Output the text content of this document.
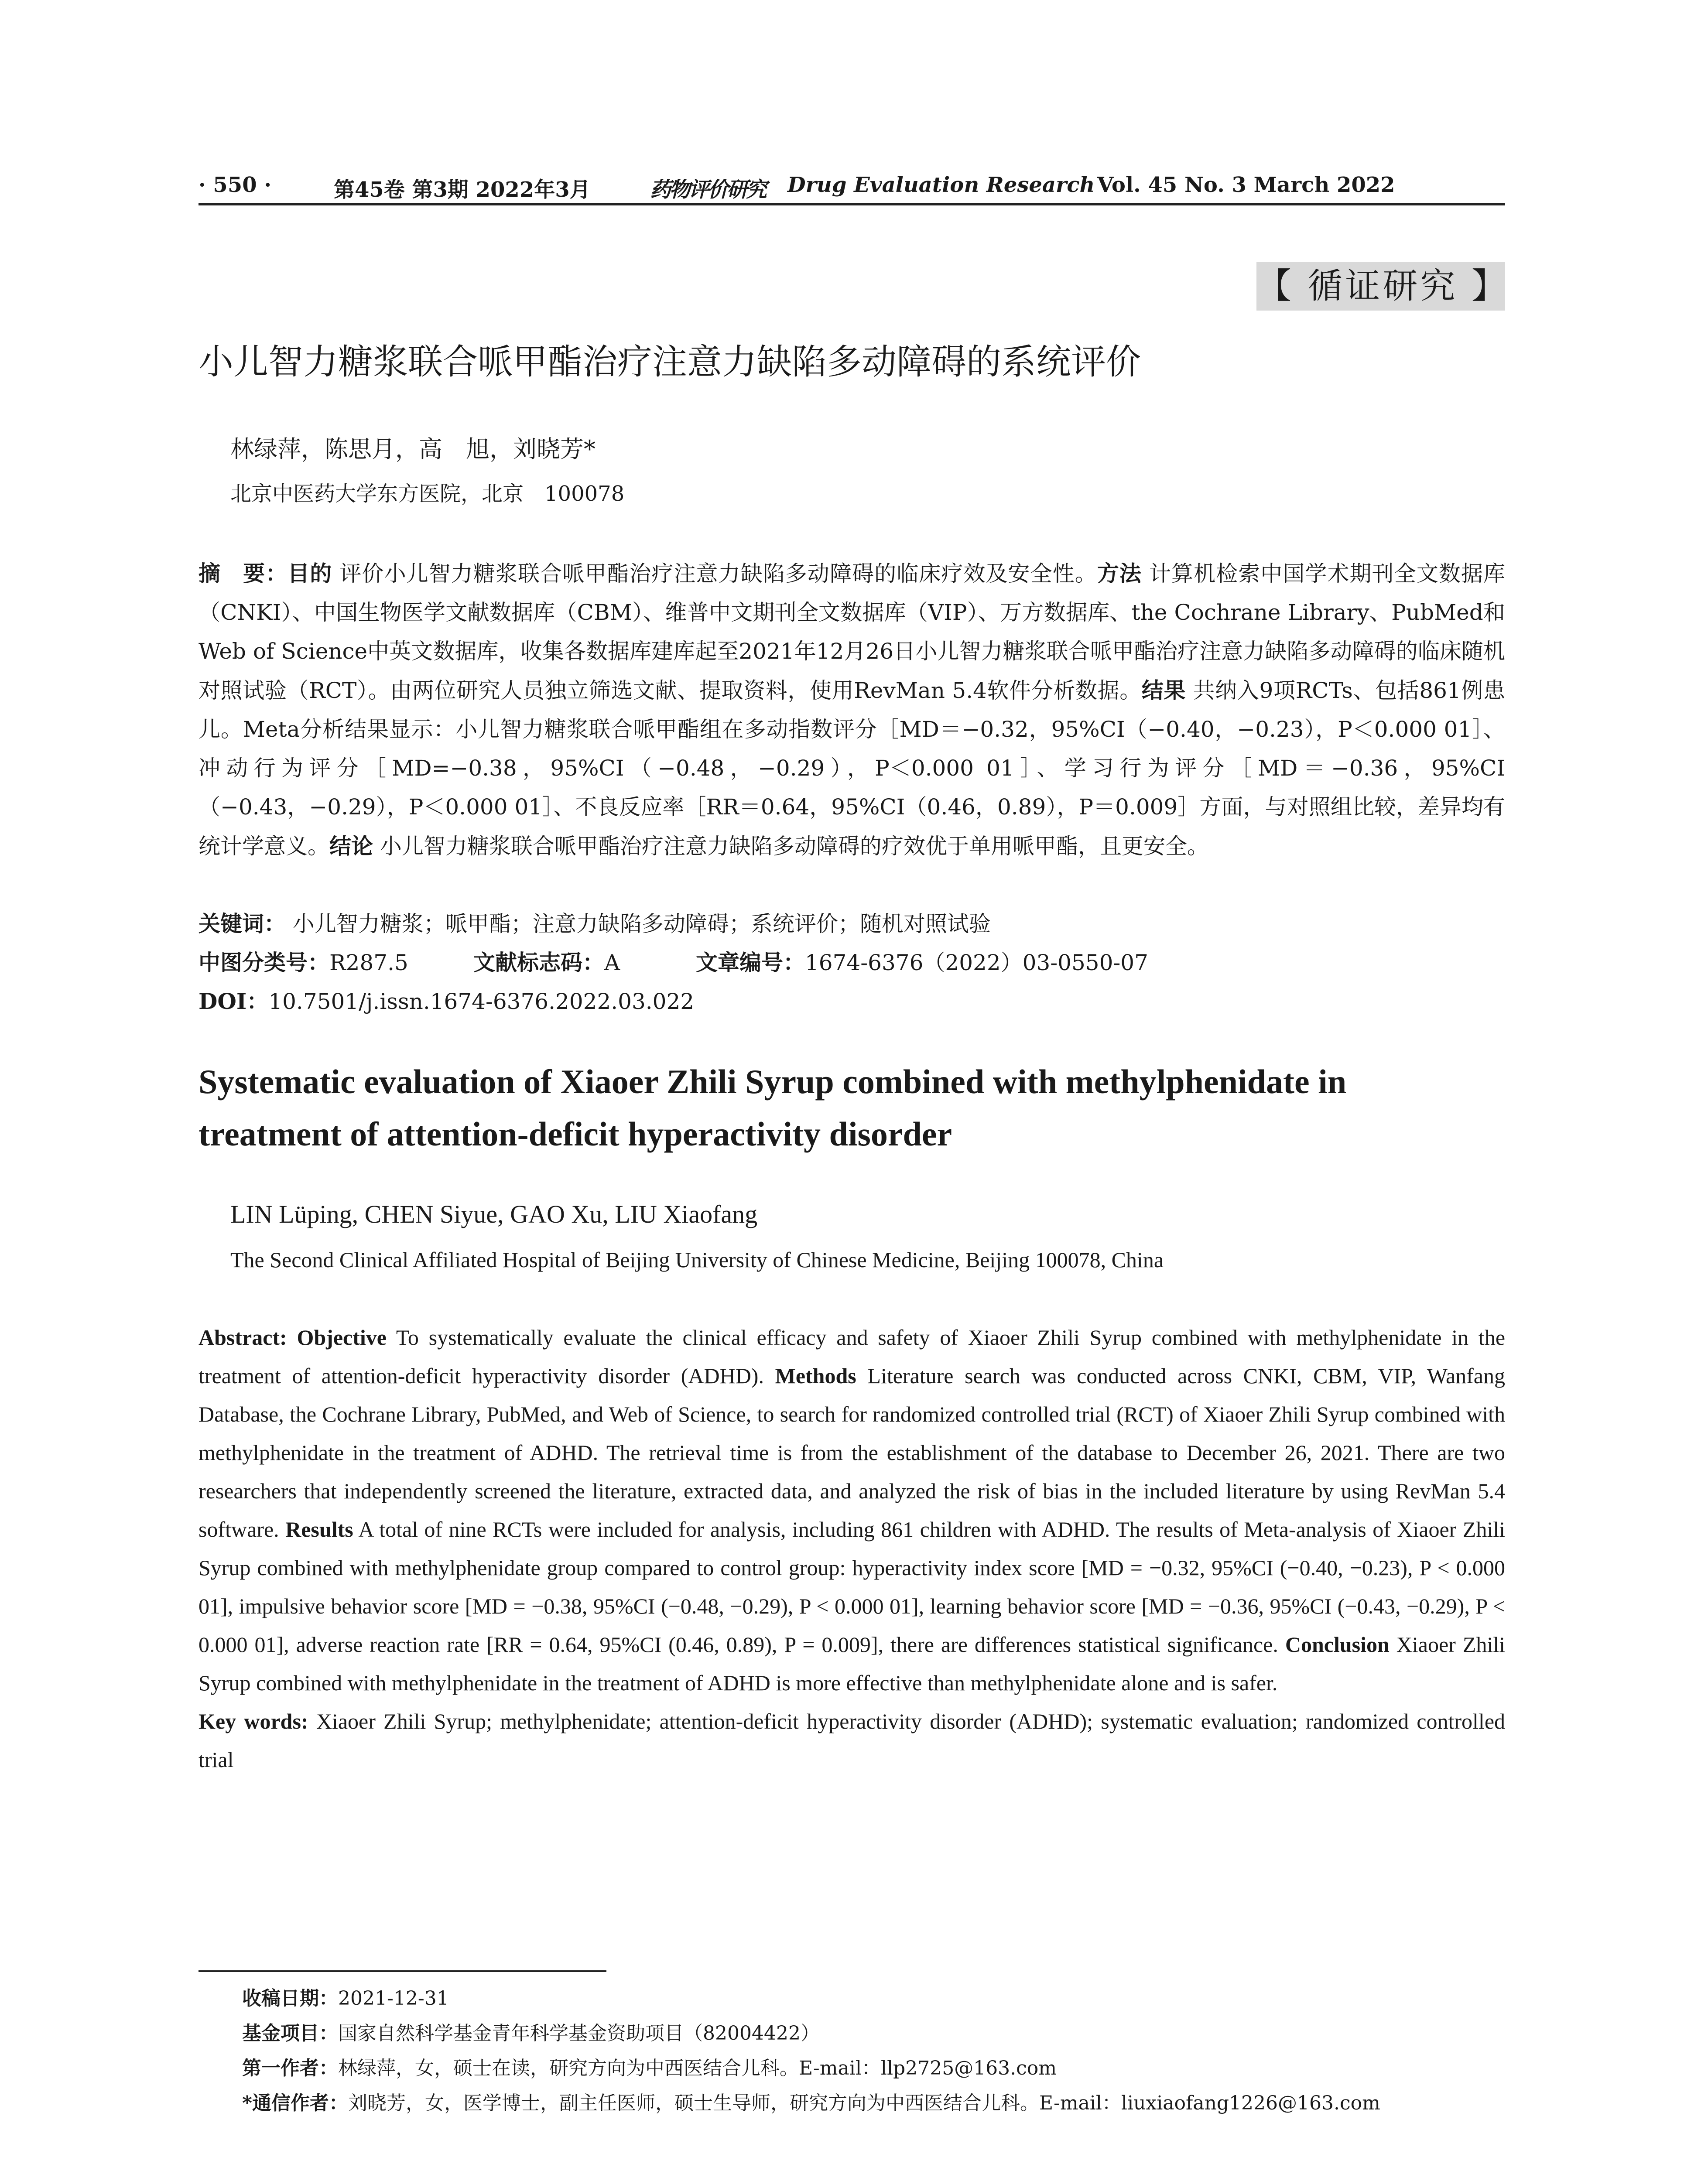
· 550 ·	第45卷 第3期 2022年3月	药物评价研究 Drug Evaluation Research Vol. 45 No. 3 March 2022
【 循证研究 】
小儿智力糖浆联合哌甲酯治疗注意力缺陷多动障碍的系统评价
林绿萍，陈思月，高　旭，刘晓芳*
北京中医药大学东方医院，北京　100078

摘　要：目的 评价小儿智力糖浆联合哌甲酯治疗注意力缺陷多动障碍的临床疗效及安全性。方法 计算机检索中国学术期刊全文数据库（CNKI）、中国生物医学文献数据库（CBM）、维普中文期刊全文数据库（VIP）、万方数据库、the Cochrane Library、PubMed和Web of Science中英文数据库，收集各数据库建库起至2021年12月26日小儿智力糖浆联合哌甲酯治疗注意力缺陷多动障碍的临床随机对照试验（RCT）。由两位研究人员独立筛选文献、提取资料，使用RevMan 5.4软件分析数据。结果 共纳入9项RCTs、包括861例患儿。Meta分析结果显示：小儿智力糖浆联合哌甲酯组在多动指数评分［MD＝−0.32，95%CI（−0.40，−0.23），P＜0.000 01］、冲动行为评分［MD=−0.38，95%CI（−0.48，−0.29），P＜0.000 01］、学习行为评分［MD＝−0.36，95%CI（−0.43，−0.29），P＜0.000 01］、不良反应率［RR＝0.64，95%CI（0.46，0.89），P＝0.009］方面，与对照组比较，差异均有统计学意义。结论 小儿智力糖浆联合哌甲酯治疗注意力缺陷多动障碍的疗效优于单用哌甲酯，且更安全。

关键词： 小儿智力糖浆；哌甲酯；注意力缺陷多动障碍；系统评价；随机对照试验
中图分类号：R287.5	文献标志码：A	文章编号：1674-6376（2022）03-0550-07
DOI：10.7501/j.issn.1674-6376.2022.03.022
Systematic evaluation of Xiaoer Zhili Syrup combined with methylphenidate in
treatment of attention-deficit hyperactivity disorder
LIN Lüping, CHEN Siyue, GAO Xu, LIU Xiaofang
The Second Clinical Affiliated Hospital of Beijing University of Chinese Medicine, Beijing 100078, China

Abstract: Objective To systematically evaluate the clinical efficacy and safety of Xiaoer Zhili Syrup combined with methylphenidate in the treatment of attention-deficit hyperactivity disorder (ADHD). Methods Literature search was conducted across CNKI, CBM, VIP, Wanfang Database, the Cochrane Library, PubMed, and Web of Science, to search for randomized controlled trial (RCT) of Xiaoer Zhili Syrup combined with methylphenidate in the treatment of ADHD. The retrieval time is from the establishment of the database to December 26, 2021. There are two researchers that independently screened the literature, extracted data, and analyzed the risk of bias in the included literature by using RevMan 5.4 software. Results A total of nine RCTs were included for analysis, including 861 children with ADHD. The results of Meta-analysis of Xiaoer Zhili Syrup combined with methylphenidate group compared to control group: hyperactivity index score [MD = −0.32, 95%CI (−0.40, −0.23), P < 0.000 01], impulsive behavior score [MD = −0.38, 95%CI (−0.48, −0.29), P < 0.000 01], learning behavior score [MD = −0.36, 95%CI (−0.43, −0.29), P < 0.000 01], adverse reaction rate [RR = 0.64, 95%CI (0.46, 0.89), P = 0.009], there are differences statistical significance. Conclusion Xiaoer Zhili Syrup combined with methylphenidate in the treatment of ADHD is more effective than methylphenidate alone and is safer.

Key words: Xiaoer Zhili Syrup; methylphenidate; attention-deficit hyperactivity disorder (ADHD); systematic evaluation; randomized controlled trial

收稿日期：2021-12-31
基金项目：国家自然科学基金青年科学基金资助项目（82004422）
第一作者：林绿萍，女，硕士在读，研究方向为中西医结合儿科。E-mail：llp2725@163.com
*通信作者：刘晓芳，女，医学博士，副主任医师，硕士生导师，研究方向为中西医结合儿科。E-mail：liuxiaofang1226@163.com
